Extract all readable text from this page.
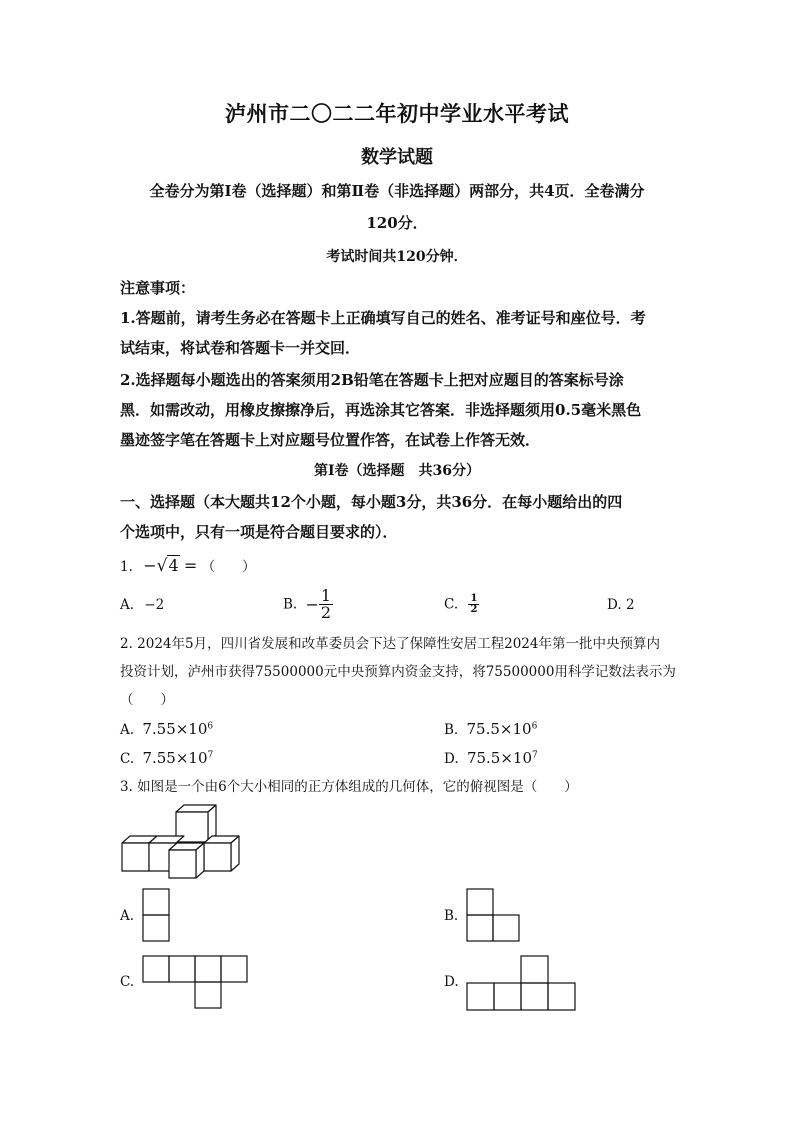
泸州市二〇二二年初中学业水平考试
数学试题
全卷分为第Ⅰ卷（选择题）和第Ⅱ卷（非选择题）两部分，共4页．全卷满分
120分．
考试时间共120分钟．
注意事项：
1.答题前，请考生务必在答题卡上正确填写自己的姓名、准考证号和座位号．考
试结束，将试卷和答题卡一并交回．
2.选择题每小题选出的答案须用2B铅笔在答题卡上把对应题目的答案标号涂
黑．如需改动，用橡皮擦擦净后，再选涂其它答案．非选择题须用0.5毫米黑色
墨迹签字笔在答题卡上对应题号位置作答，在试卷上作答无效．
第Ⅰ卷（选择题　共36分）
一、选择题（本大题共12个小题，每小题3分，共36分．在每小题给出的四
个选项中，只有一项是符合题目要求的）．
1. −√4 = （　　）
A. −2	B. − $\frac{1}{2}$	C. $\frac{1}{2}$	D. 2
2. 2024年5月，四川省发展和改革委员会下达了保障性安居工程2024年第一批中央预算内
投资计划，泸州市获得75500000元中央预算内资金支持，将75500000用科学记数法表示为
（　　）
A. $7.55\times 10^6$	B. $75.5\times 10^6$
C. $7.55\times 10^7$	D. $75.5\times 10^7$
3. 如图是一个由6个大小相同的正方体组成的几何体，它的俯视图是（　　）
A.	B.
C.	D.
